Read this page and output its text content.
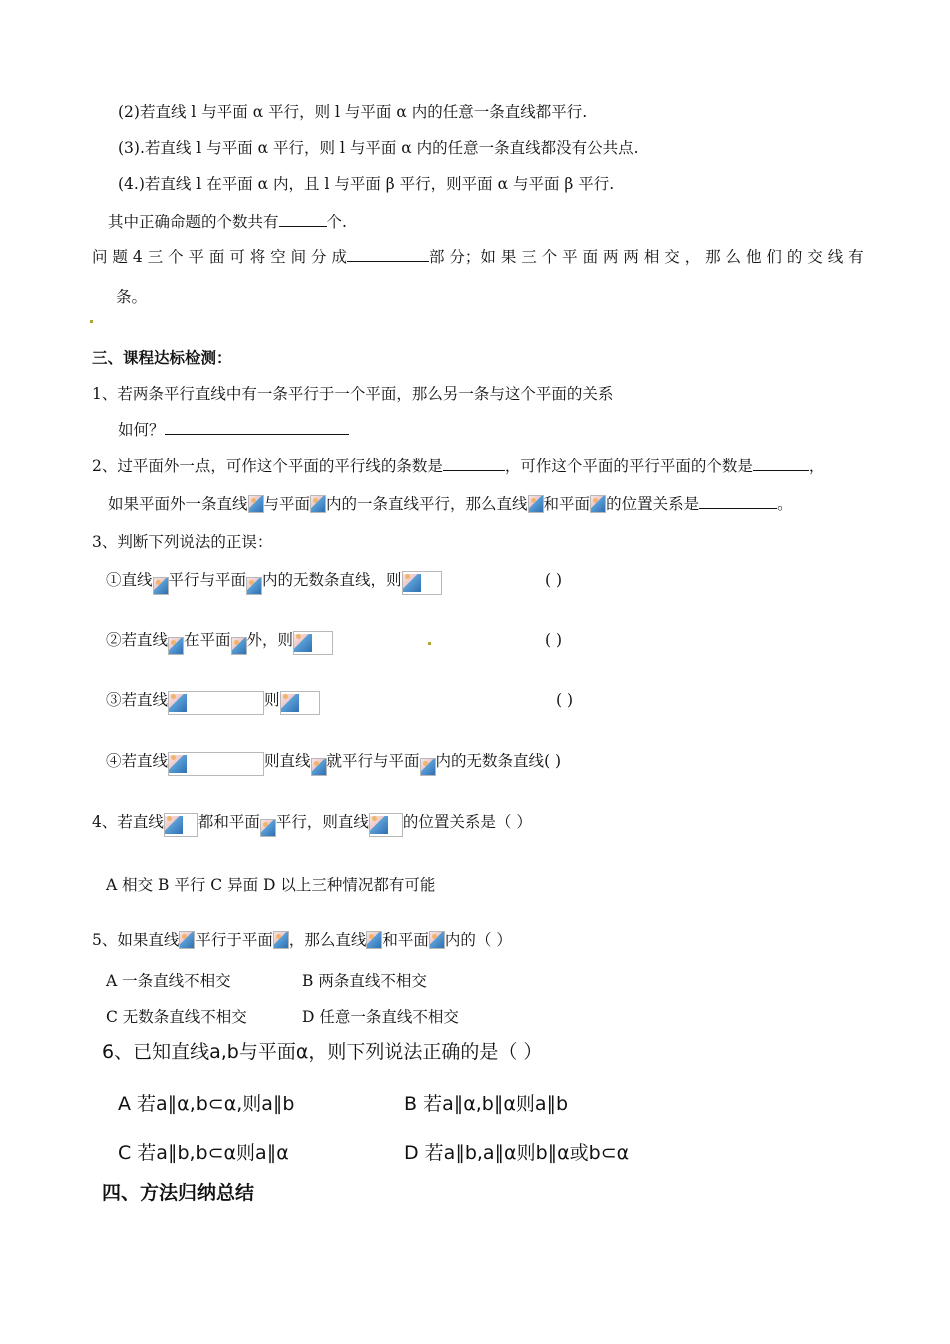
(2)若直线 l 与平面 α 平行，则 l 与平面 α 内的任意一条直线都平行.
(3).若直线 l 与平面 α 平行，则 l 与平面 α 内的任意一条直线都没有公共点.
(4.)若直线 l 在平面 α 内，且 l 与平面 β 平行，则平面 α 与平面 β 平行.
其中正确命题的个数共有	个.
问 题 4 三 个 平 面 可 将 空 间 分 成	部 分；如 果 三 个 平 面 两 两 相 交 ， 那 么 他 们 的 交 线 有
条。
三、课程达标检测：
1、若两条平行直线中有一条平行于一个平面，那么另一条与这个平面的关系
如何？
2、过平面外一点，可作这个平面的平行线的条数是	，可作这个平面的平行平面的个数是	，
如果平面外一条直线 与平面 内的一条直线平行，那么直线 和平面 的位置关系是	。
3、判断下列说法的正误：
①直线 平行与平面 内的无数条直线，则	( )
②若直线 在平面 外，则	( )
③若直线	则	( )
④若直线	则直线 就平行与平面 内的无数条直线( )
4、若直线 都和平面 平行，则直线 的位置关系是（ ）
A 相交 B 平行 C 异面 D 以上三种情况都有可能
5、如果直线 平行于平面 ，那么直线 和平面 内的（ ）
A 一条直线不相交	B 两条直线不相交
C 无数条直线不相交	D 任意一条直线不相交
6、已知直线a,b与平面α，则下列说法正确的是（ ）
A 若a∥α,b⊂α,则a∥b	B 若a∥α,b∥α则a∥b
C 若a∥b,b⊂α则a∥α	D 若a∥b,a∥α则b∥α或b⊂α
四、方法归纳总结
